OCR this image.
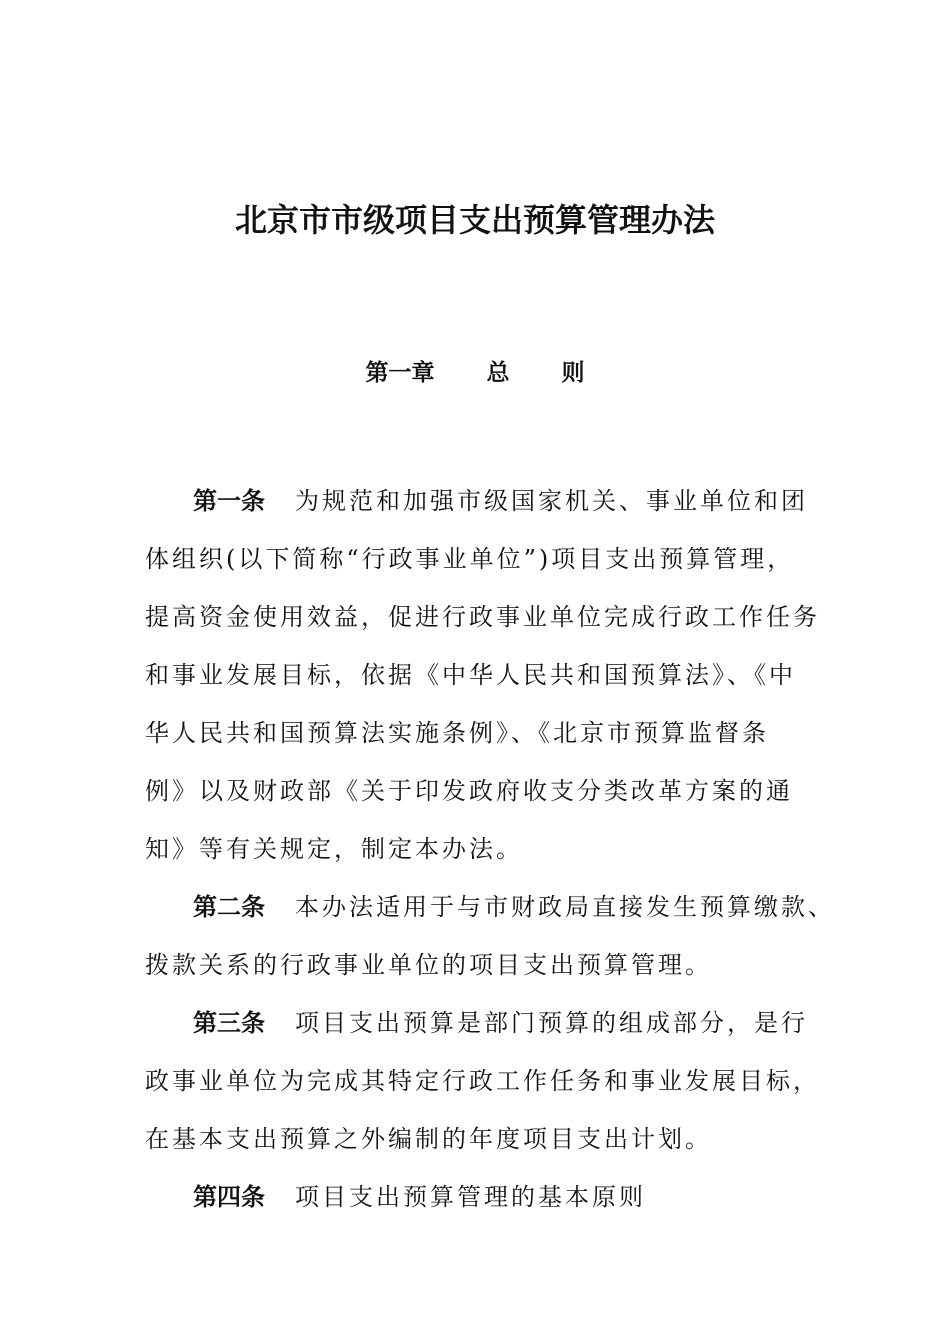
北京市市级项目支出预算管理办法
第一章 总 则
第一条 为规范和加强市级国家机关、事业单位和团
体组织(以下简称“行政事业单位”)项目支出预算管理，
提高资金使用效益，促进行政事业单位完成行政工作任务
和事业发展目标，依据《中华人民共和国预算法》、《中
华人民共和国预算法实施条例》、《北京市预算监督条
例》以及财政部《关于印发政府收支分类改革方案的通
知》等有关规定，制定本办法。
第二条 本办法适用于与市财政局直接发生预算缴款、
拨款关系的行政事业单位的项目支出预算管理。
第三条 项目支出预算是部门预算的组成部分，是行
政事业单位为完成其特定行政工作任务和事业发展目标，
在基本支出预算之外编制的年度项目支出计划。
第四条 项目支出预算管理的基本原则
